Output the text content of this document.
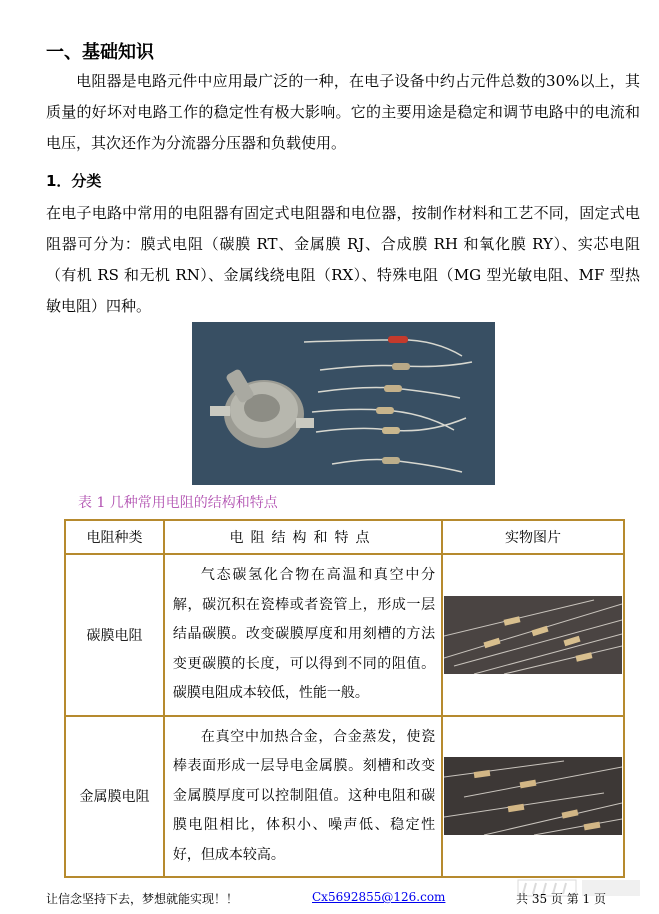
一、基础知识
电阻器是电路元件中应用最广泛的一种，在电子设备中约占元件总数的30%以上，其质量的好坏对电路工作的稳定性有极大影响。它的主要用途是稳定和调节电路中的电流和电压，其次还作为分流器分压器和负载使用。
1．分类
在电子电路中常用的电阻器有固定式电阻器和电位器，按制作材料和工艺不同，固定式电阻器可分为：膜式电阻（碳膜 RT、金属膜 RJ、合成膜 RH 和氧化膜 RY）、实芯电阻（有机 RS 和无机 RN）、金属线绕电阻（RX）、特殊电阻（MG 型光敏电阻、MF 型热敏电阻）四种。
表 1 几种常用电阻的结构和特点
电阻种类	电阻结构和特点	实物图片
碳膜电阻	气态碳氢化合物在高温和真空中分解，碳沉积在瓷棒或者瓷管上，形成一层结晶碳膜。改变碳膜厚度和用刻槽的方法变更碳膜的长度，可以得到不同的阻值。碳膜电阻成本较低，性能一般。

金属膜电阻	在真空中加热合金，合金蒸发，使瓷棒表面形成一层导电金属膜。刻槽和改变金属膜厚度可以控制阻值。这种电阻和碳膜电阻相比，体积小、噪声低、稳定性好，但成本较高。

让信念坚持下去，梦想就能实现！！	Cx5692855@126.com	共 35 页 第 1 页
